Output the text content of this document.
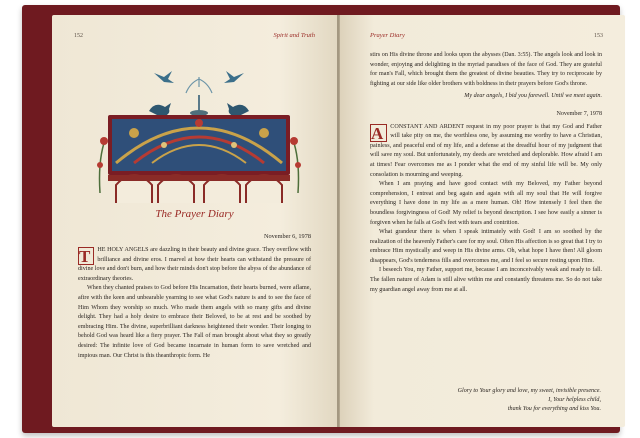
152	Spirit and Truth
The Prayer Diary
November 6, 1978

T	HE HOLY ANGELS are dazzling in their beauty and divine grace. They overflow with brilliance and divine eros. I marvel at how their hearts can withstand the pressure of divine love and don't burn, and how their minds don't stop before the abyss of the abundance of extraordinary theories.

When they chanted praises to God before His Incarnation, their hearts burned, were aflame, afire with the keen and unbearable yearning to see what God's nature is and to see the face of Him Whom they worship so much. Who made them angels with so many gifts and divine delight. They had a holy desire to embrace their Beloved, to be at rest and be soothed by embracing Him. The divine, superbrilliant darkness heightened their wonder. Their longing to behold God was heard like a fiery prayer. The Fall of man brought about what they so greatly desired: The infinite love of God became incarnate in human form to save wretched and impious man. Our Christ is this theanthropic form. He

Prayer Diary	153

stirs on His divine throne and looks upon the abysses (Dan. 3:55). The angels look and look in wonder, enjoying and delighting in the myriad paradises of the face of God. They are grateful for man's Fall, which brought them the greatest of divine beauties. They try to reciprocate by fighting at our side like older brothers with boldness in their prayers before God's throne.

My dear angels, I bid you farewell. Until we meet again.

November 7, 1978

A	CONSTANT AND ARDENT request in my poor prayer is that my God and Father will take pity on me, the worthless one, by assuming me worthy to have a Christian, painless, and peaceful end of my life, and a defense at the dreadful hour of my judgment that will save my soul. But unfortunately, my deeds are wretched and deplorable. How afraid I am at times! Fear overcomes me as I ponder what the end of my sinful life will be. My only consolation is mourning and weeping.

When I am praying and have good contact with my Beloved, my Father beyond comprehension, I entreat and beg again and again with all my soul that He will forgive everything I have done in my life as a mere human. Oh! How intensely I feel then the boundless forgivingness of God! My relief is beyond description. I see how easily a sinner is forgiven when he falls at God's feet with tears and contrition.

What grandeur there is when I speak intimately with God! I am so soothed by the realization of the heavenly Father's care for my soul. Often His affection is so great that I try to embrace Him mystically and weep in His divine arms. Oh, what hope I have then! All gloom disappears, God's tenderness fills and overcomes me, and I feel so secure resting upon Him.

I beseech You, my Father, support me, because I am inconceivably weak and ready to fall. The fallen nature of Adam is still alive within me and constantly threatens me. So do not take my guardian angel away from me at all.

Glory to Your glory and love, my sweet, invisible presence.
I, Your helpless child,
thank You for everything and kiss You.
